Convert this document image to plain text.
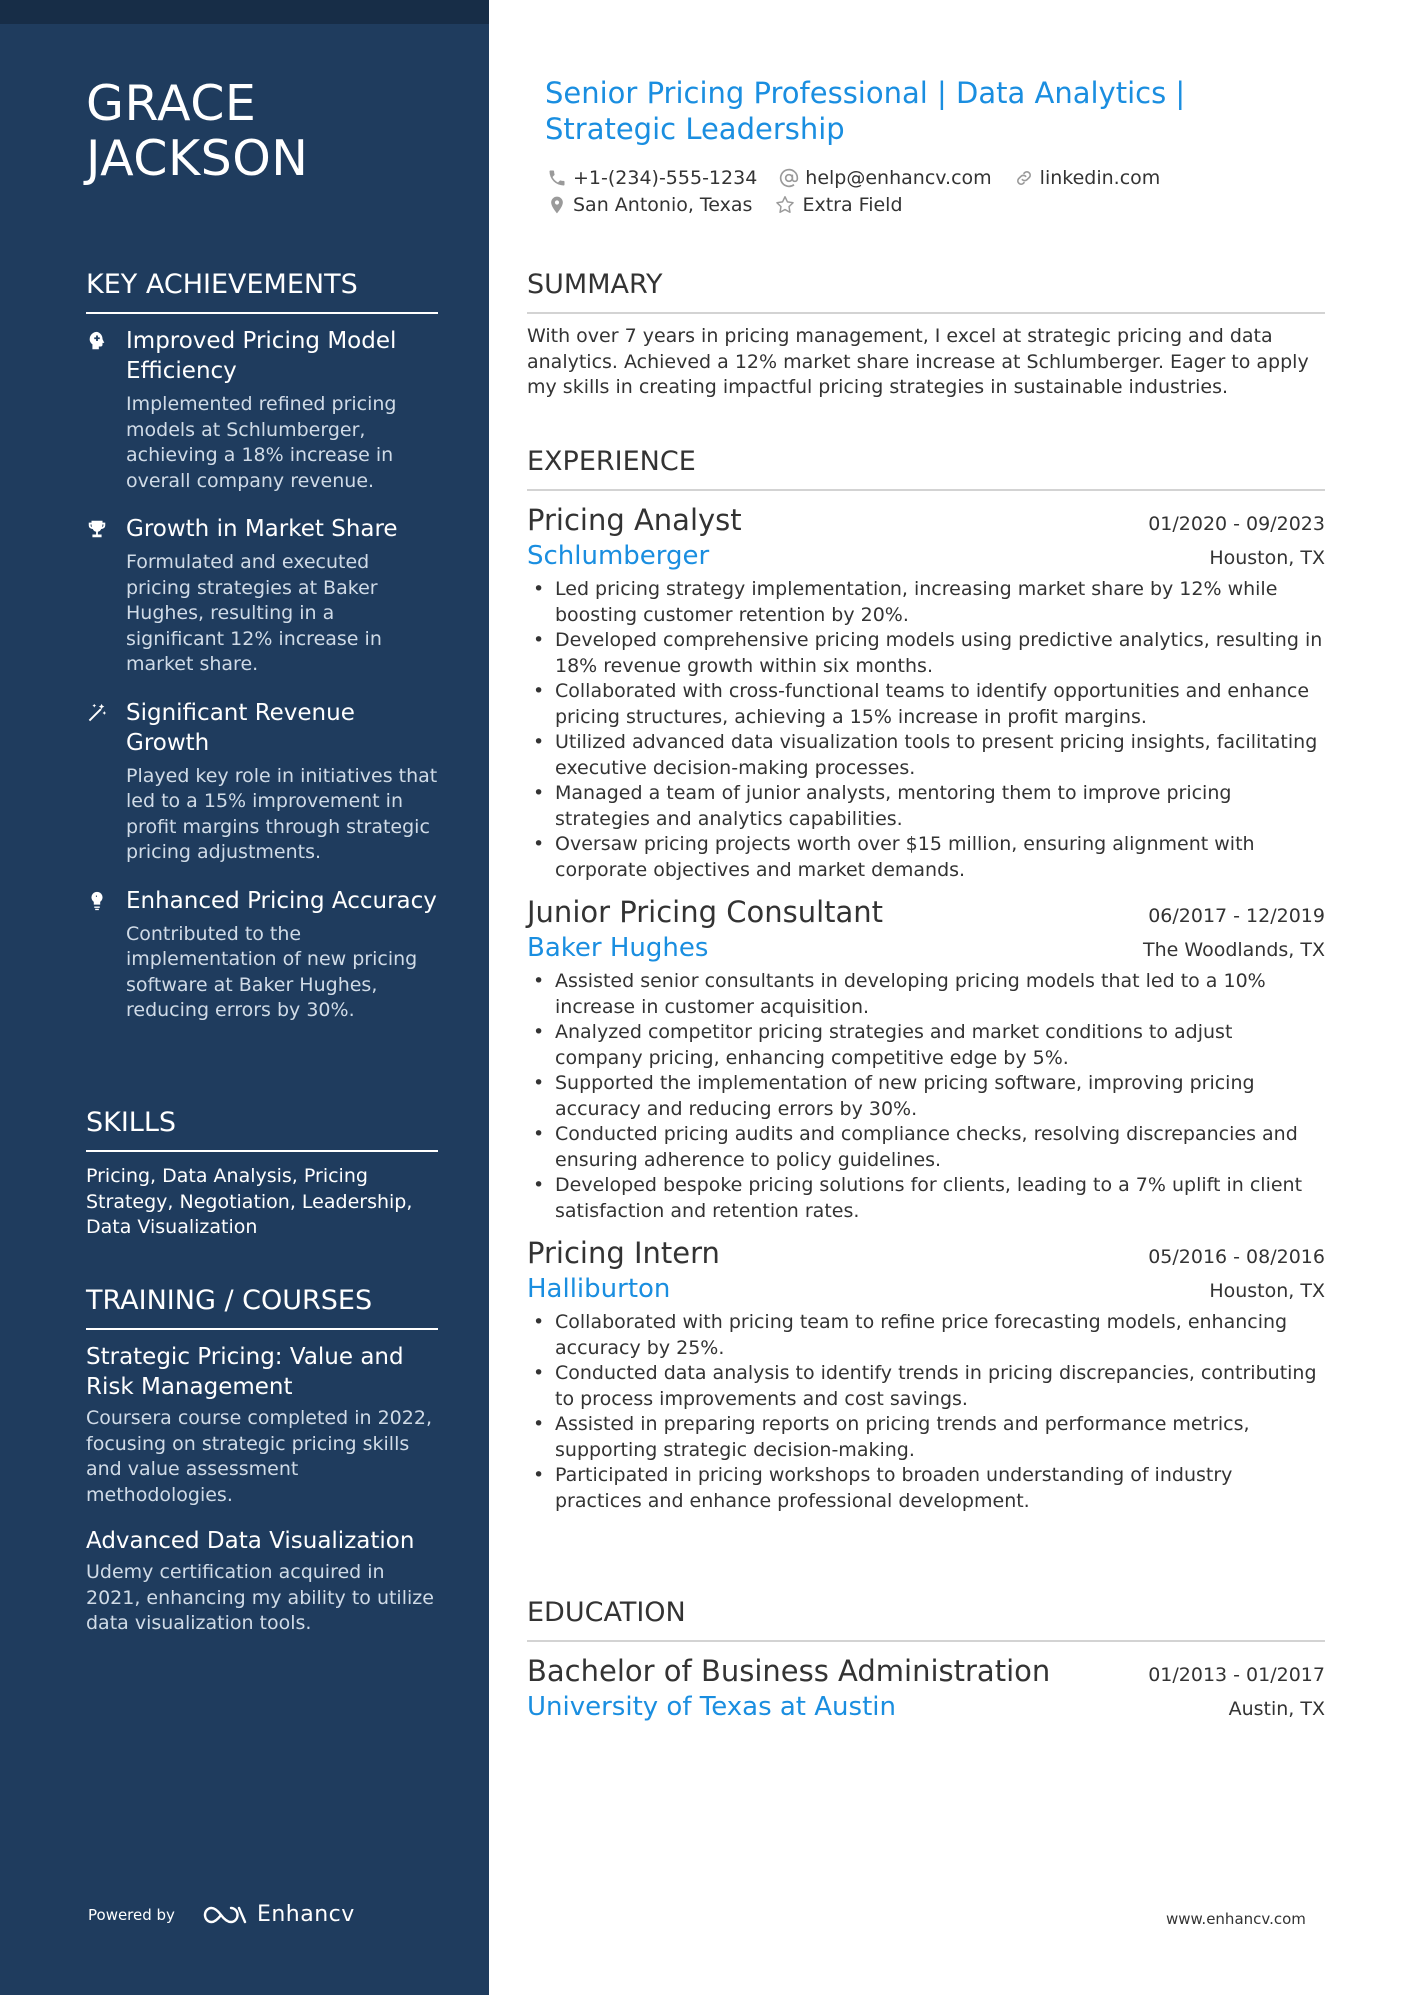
GRACE
JACKSON
KEY ACHIEVEMENTS
Improved Pricing Model Efficiency
Implemented refined pricing models at Schlumberger, achieving a 18% increase in overall company revenue.
Growth in Market Share
Formulated and executed pricing strategies at Baker Hughes, resulting in a significant 12% increase in market share.
Significant Revenue Growth
Played key role in initiatives that led to a 15% improvement in profit margins through strategic pricing adjustments.
Enhanced Pricing Accuracy
Contributed to the implementation of new pricing software at Baker Hughes, reducing errors by 30%.
SKILLS
Pricing, Data Analysis, Pricing Strategy, Negotiation, Leadership, Data Visualization
TRAINING / COURSES
Strategic Pricing: Value and Risk Management
Coursera course completed in 2022, focusing on strategic pricing skills and value assessment methodologies.
Advanced Data Visualization
Udemy certification acquired in 2021, enhancing my ability to utilize data visualization tools.
Powered by	Enhancv
Senior Pricing Professional | Data Analytics | Strategic Leadership
+1-(234)-555-1234	help@enhancv.com	linkedin.com
San Antonio, Texas	Extra Field
SUMMARY
With over 7 years in pricing management, I excel at strategic pricing and data analytics. Achieved a 12% market share increase at Schlumberger. Eager to apply my skills in creating impactful pricing strategies in sustainable industries.
EXPERIENCE
Pricing Analyst	01/2020 - 09/2023
Schlumberger	Houston, TX
• Led pricing strategy implementation, increasing market share by 12% while boosting customer retention by 20%.
• Developed comprehensive pricing models using predictive analytics, resulting in 18% revenue growth within six months.
• Collaborated with cross-functional teams to identify opportunities and enhance pricing structures, achieving a 15% increase in profit margins.
• Utilized advanced data visualization tools to present pricing insights, facilitating executive decision-making processes.
• Managed a team of junior analysts, mentoring them to improve pricing strategies and analytics capabilities.
• Oversaw pricing projects worth over $15 million, ensuring alignment with corporate objectives and market demands.
Junior Pricing Consultant	06/2017 - 12/2019
Baker Hughes	The Woodlands, TX
• Assisted senior consultants in developing pricing models that led to a 10% increase in customer acquisition.
• Analyzed competitor pricing strategies and market conditions to adjust company pricing, enhancing competitive edge by 5%.
• Supported the implementation of new pricing software, improving pricing accuracy and reducing errors by 30%.
• Conducted pricing audits and compliance checks, resolving discrepancies and ensuring adherence to policy guidelines.
• Developed bespoke pricing solutions for clients, leading to a 7% uplift in client satisfaction and retention rates.
Pricing Intern	05/2016 - 08/2016
Halliburton	Houston, TX
• Collaborated with pricing team to refine price forecasting models, enhancing accuracy by 25%.
• Conducted data analysis to identify trends in pricing discrepancies, contributing to process improvements and cost savings.
• Assisted in preparing reports on pricing trends and performance metrics, supporting strategic decision-making.
• Participated in pricing workshops to broaden understanding of industry practices and enhance professional development.
EDUCATION
Bachelor of Business Administration	01/2013 - 01/2017
University of Texas at Austin	Austin, TX
www.enhancv.com
